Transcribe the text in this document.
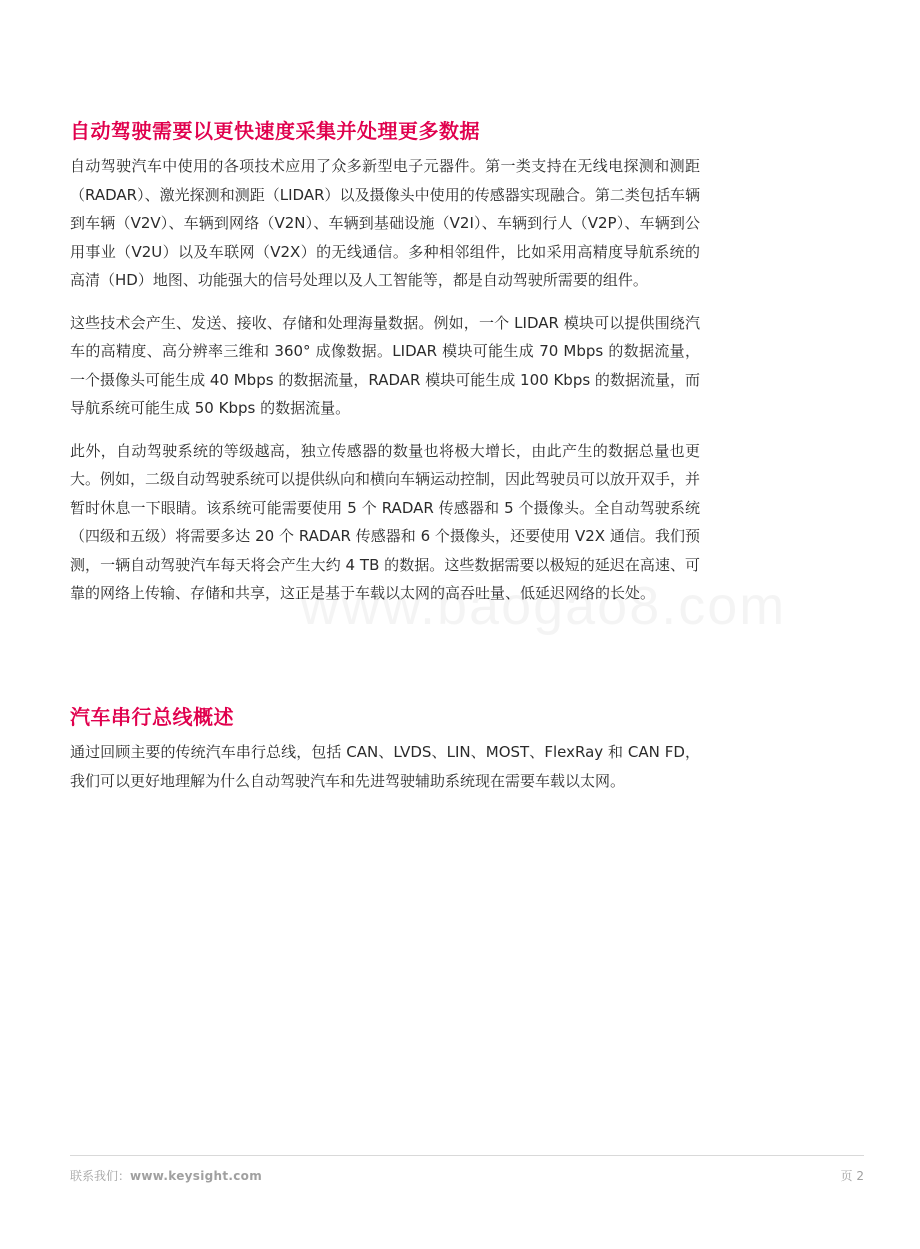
自动驾驶需要以更快速度采集并处理更多数据

自动驾驶汽车中使用的各项技术应用了众多新型电子元器件。第一类支持在无线电探测和测距（RADAR）、激光探测和测距（LIDAR）以及摄像头中使用的传感器实现融合。第二类包括车辆到车辆（V2V）、车辆到网络（V2N）、车辆到基础设施（V2I）、车辆到行人（V2P）、车辆到公用事业（V2U）以及车联网（V2X）的无线通信。多种相邻组件，比如采用高精度导航系统的高清（HD）地图、功能强大的信号处理以及人工智能等，都是自动驾驶所需要的组件。

这些技术会产生、发送、接收、存储和处理海量数据。例如，一个 LIDAR 模块可以提供围绕汽车的高精度、高分辨率三维和 360° 成像数据。LIDAR 模块可能生成 70 Mbps 的数据流量，一个摄像头可能生成 40 Mbps 的数据流量，RADAR 模块可能生成 100 Kbps 的数据流量，而导航系统可能生成 50 Kbps 的数据流量。

此外，自动驾驶系统的等级越高，独立传感器的数量也将极大增长，由此产生的数据总量也更大。例如，二级自动驾驶系统可以提供纵向和横向车辆运动控制，因此驾驶员可以放开双手，并暂时休息一下眼睛。该系统可能需要使用 5 个 RADAR 传感器和 5 个摄像头。全自动驾驶系统（四级和五级）将需要多达 20 个 RADAR 传感器和 6 个摄像头，还要使用 V2X 通信。我们预测，一辆自动驾驶汽车每天将会产生大约 4 TB 的数据。这些数据需要以极短的延迟在高速、可靠的网络上传输、存储和共享，这正是基于车载以太网的高吞吐量、低延迟网络的长处。

汽车串行总线概述

通过回顾主要的传统汽车串行总线，包括 CAN、LVDS、LIN、MOST、FlexRay 和 CAN FD，我们可以更好地理解为什么自动驾驶汽车和先进驾驶辅助系统现在需要车载以太网。

联系我们：www.keysight.com	页 2
